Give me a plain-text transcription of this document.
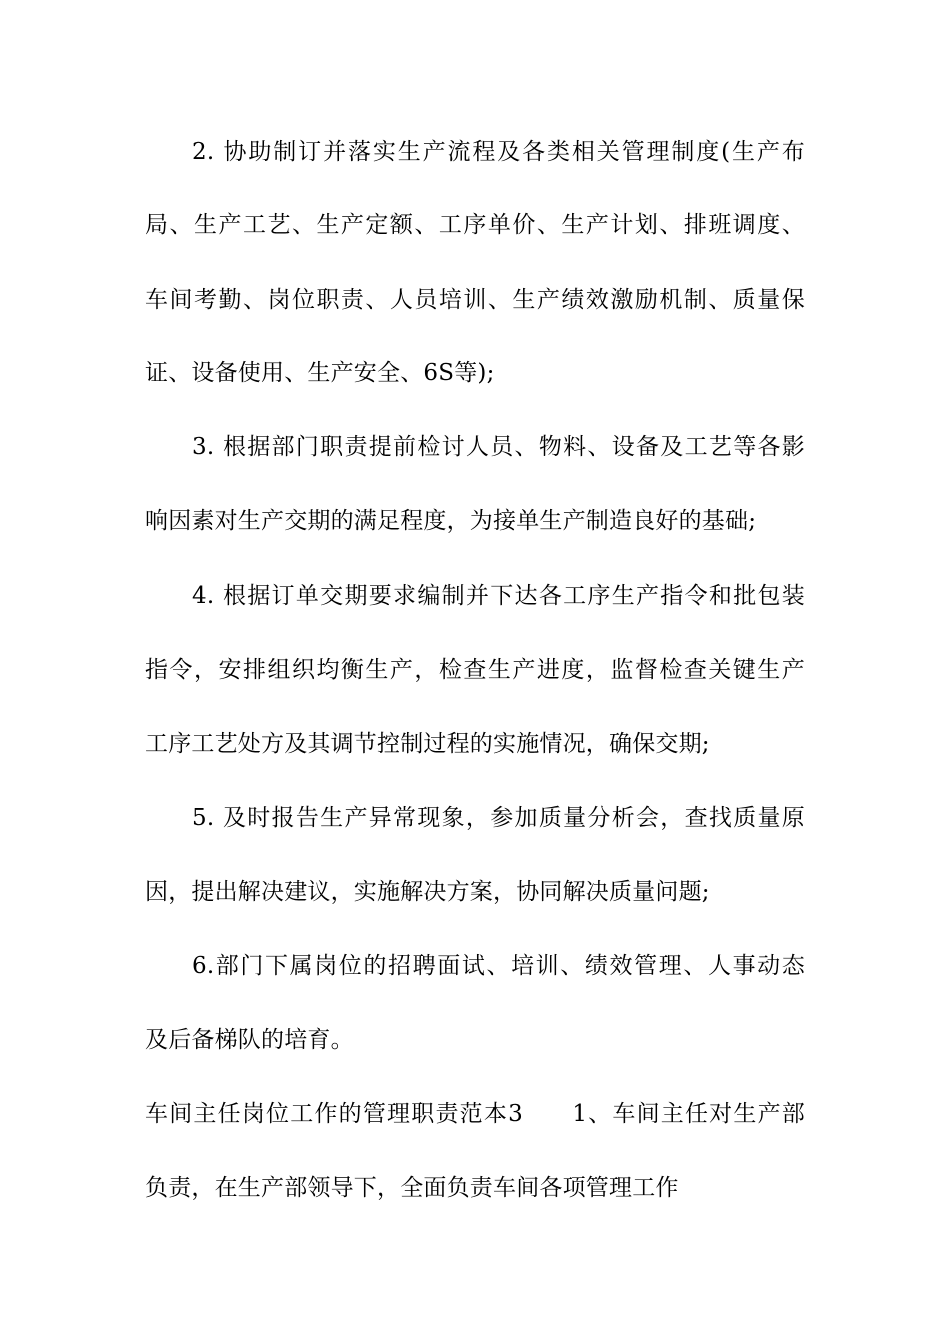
2. 协助制订并落实生产流程及各类相关管理制度(生产布
局、生产工艺、生产定额、工序单价、生产计划、排班调度、
车间考勤、岗位职责、人员培训、生产绩效激励机制、质量保
证、设备使用、生产安全、6S等);
3. 根据部门职责提前检讨人员、物料、设备及工艺等各影
响因素对生产交期的满足程度，为接单生产制造良好的基础;
4. 根据订单交期要求编制并下达各工序生产指令和批包装
指令，安排组织均衡生产，检查生产进度，监督检查关键生产
工序工艺处方及其调节控制过程的实施情况，确保交期;
5. 及时报告生产异常现象，参加质量分析会，查找质量原
因，提出解决建议，实施解决方案，协同解决质量问题;
6.部门下属岗位的招聘面试、培训、绩效管理、人事动态
及后备梯队的培育。
车间主任岗位工作的管理职责范本3　　1、车间主任对生产部
负责，在生产部领导下，全面负责车间各项管理工作
